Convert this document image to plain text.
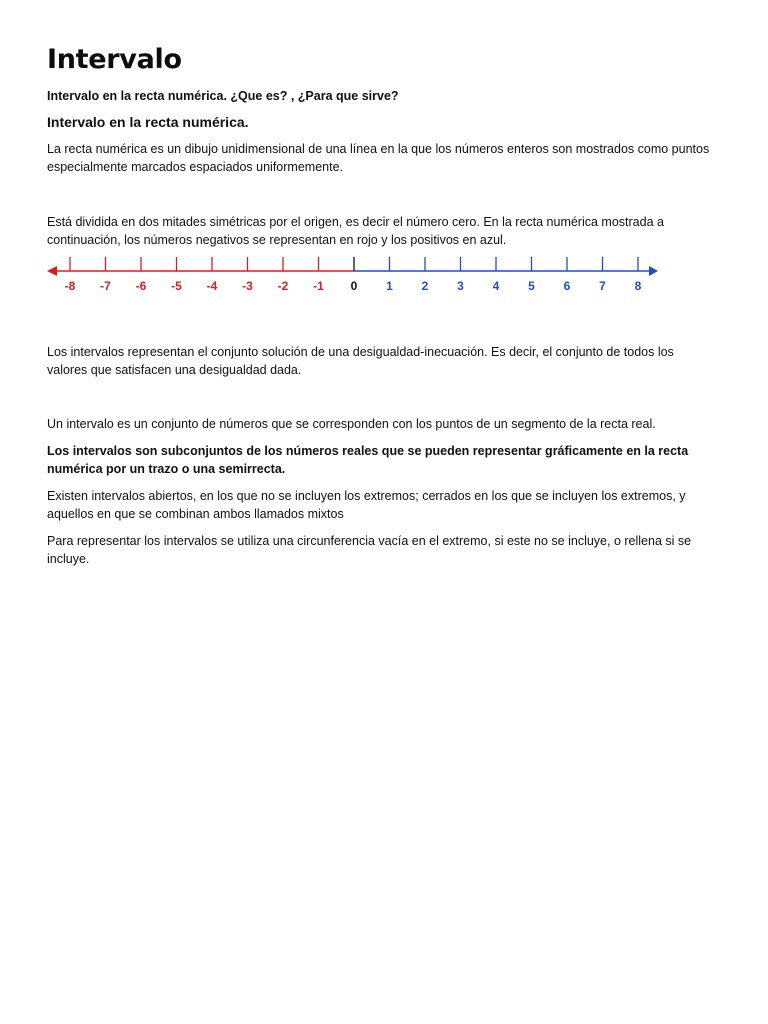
Intervalo
Intervalo en la recta numérica. ¿Que es? , ¿Para que sirve?
Intervalo en la recta numérica.

La recta numérica es un dibujo unidimensional de una línea en la que los números enteros son mostrados como puntos especialmente marcados espaciados uniformemente.

Está dividida en dos mitades simétricas por el origen, es decir el número cero. En la recta numérica mostrada a continuación, los números negativos se representan en rojo y los positivos en azul.

-8 -7 -6 -5 -4 -3 -2 -1 0 1 2 3 4 5 6 7 8

Los intervalos representan el conjunto solución de una desigualdad-inecuación. Es decir, el conjunto de todos los valores que satisfacen una desigualdad dada.

Un intervalo es un conjunto de números que se corresponden con los puntos de un segmento de la recta real.

Los intervalos son subconjuntos de los números reales que se pueden representar gráficamente en la recta numérica por un trazo o una semirrecta.

Existen intervalos abiertos, en los que no se incluyen los extremos; cerrados en los que se incluyen los extremos, y aquellos en que se combinan ambos llamados mixtos

Para representar los intervalos se utiliza una circunferencia vacía en el extremo, si este no se incluye, o rellena si se incluye.
